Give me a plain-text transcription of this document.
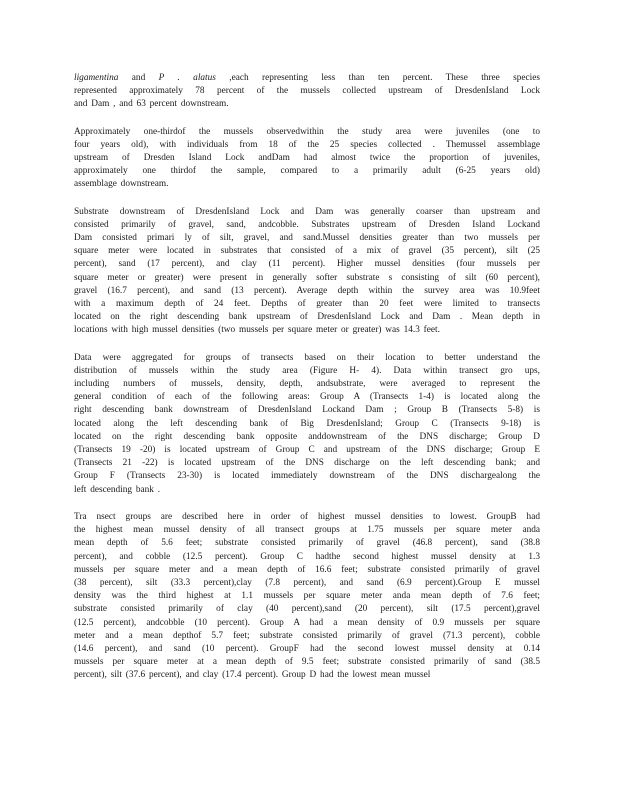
ligamentina and P . alatus ,each representing less than ten percent. These three species
represented approximately 78 percent of the mussels collected upstream of DresdenIsland Lock
and Dam , and 63 percent downstream.

Approximately one-thirdof the mussels observedwithin the study area were juveniles (one to
four years old), with individuals from 18 of the 25 species collected . Themussel assemblage
upstream of Dresden Island Lock andDam had almost twice the proportion of juveniles,
approximately one thirdof the sample, compared to a primarily adult (6-25 years old)
assemblage downstream.

Substrate downstream of DresdenIsland Lock and Dam was generally coarser than upstream and
consisted primarily of gravel, sand, andcobble. Substrates upstream of Dresden Island Lockand
Dam consisted primari ly of silt, gravel, and sand.Mussel densities greater than two mussels per
square meter were located in substrates that consisted of a mix of gravel (35 percent), silt (25
percent), sand (17 percent), and clay (11 percent). Higher mussel densities (four mussels per
square meter or greater) were present in generally softer substrate s consisting of silt (60 percent),
gravel (16.7 percent), and sand (13 percent). Average depth within the survey area was 10.9feet
with a maximum depth of 24 feet. Depths of greater than 20 feet were limited to transects
located on the right descending bank upstream of DresdenIsland Lock and Dam . Mean depth in
locations with high mussel densities (two mussels per square meter or greater) was 14.3 feet.

Data were aggregated for groups of transects based on their location to better understand the
distribution of mussels within the study area (Figure H- 4). Data within transect gro ups,
including numbers of mussels, density, depth, andsubstrate, were averaged to represent the
general condition of each of the following areas: Group A (Transects 1-4) is located along the
right descending bank downstream of DresdenIsland Lockand Dam ; Group B (Transects 5-8) is
located along the left descending bank of Big DresdenIsland; Group C (Transects 9-18) is
located on the right descending bank opposite anddownstream of the DNS discharge; Group D
(Transects 19 -20) is located upstream of Group C and upstream of the DNS discharge; Group E
(Transects 21 -22) is located upstream of the DNS discharge on the left descending bank; and
Group F (Transects 23-30) is located immediately downstream of the DNS dischargealong the
left descending bank .

Tra nsect groups are described here in order of highest mussel densities to lowest. GroupB had
the highest mean mussel density of all transect groups at 1.75 mussels per square meter anda
mean depth of 5.6 feet; substrate consisted primarily of gravel (46.8 percent), sand (38.8
percent), and cobble (12.5 percent). Group C hadthe second highest mussel density at 1.3
mussels per square meter and a mean depth of 16.6 feet; substrate consisted primarily of gravel
(38 percent), silt (33.3 percent),clay (7.8 percent), and sand (6.9 percent).Group E mussel
density was the third highest at 1.1 mussels per square meter anda mean depth of 7.6 feet;
substrate consisted primarily of clay (40 percent),sand (20 percent), silt (17.5 percent),gravel
(12.5 percent), andcobble (10 percent). Group A had a mean density of 0.9 mussels per square
meter and a mean depthof 5.7 feet; substrate consisted primarily of gravel (71.3 percent), cobble
(14.6 percent), and sand (10 percent). GroupF had the second lowest mussel density at 0.14
mussels per square meter at a mean depth of 9.5 feet; substrate consisted primarily of sand (38.5
percent), silt (37.6 percent), and clay (17.4 percent). Group D had the lowest mean mussel
